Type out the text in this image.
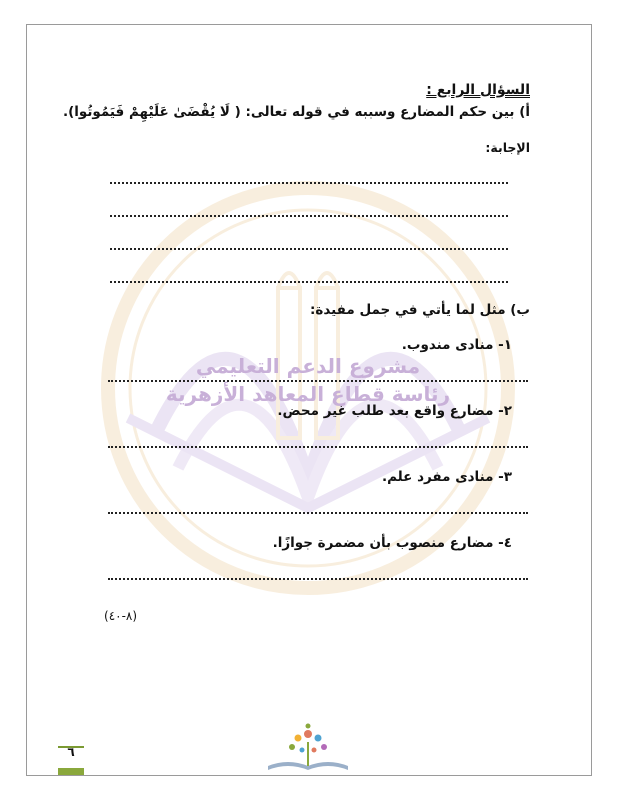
مشروع الدعم التعليمي
رئاسة قطاع المعاهد الأزهرية
السؤال الرابع :
أ) بين حكم المضارع وسببه في قوله تعالى: ( لَا يُقْضَىٰ عَلَيْهِمْ فَيَمُوتُوا).
الإجابة:
ب) مثل لما يأتي في جمل مفيدة:
١- منادى مندوب.
٢- مضارع واقع بعد طلب غير محض.
٣- منادى مفرد علم.
٤- مضارع منصوب بأن مضمرة جوازًا.
(٨-٤٠)
٦
